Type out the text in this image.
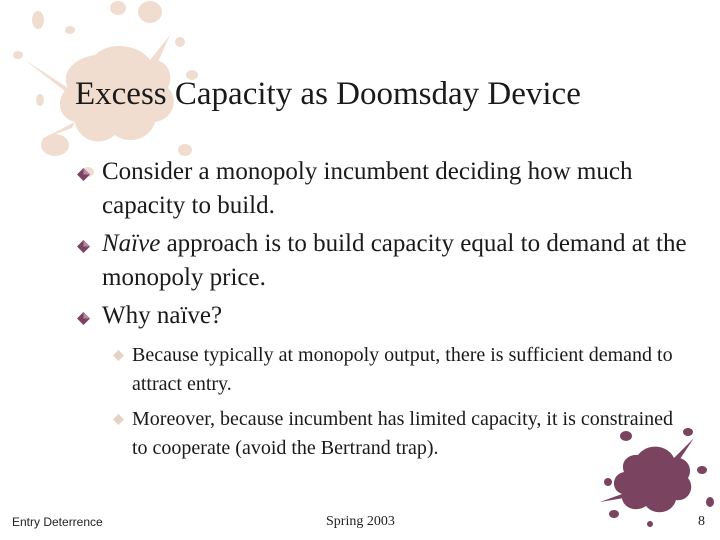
Excess Capacity as Doomsday Device
Consider a monopoly incumbent deciding how much capacity to build.
Naïve approach is to build capacity equal to demand at the monopoly price.
Why naïve?
Because typically at monopoly output, there is sufficient demand to attract entry.
Moreover, because incumbent has limited capacity, it is constrained to cooperate (avoid the Bertrand trap).
Entry Deterrence	Spring 2003	8
